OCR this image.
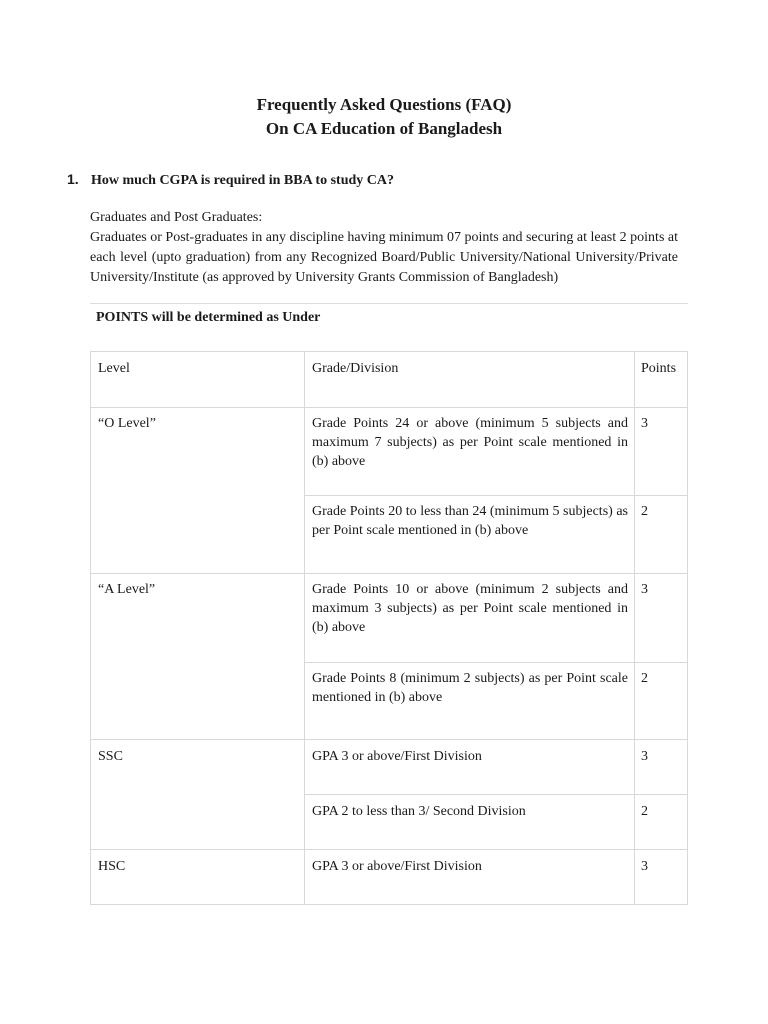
Frequently Asked Questions (FAQ)
On CA Education of Bangladesh
1. How much CGPA is required in BBA to study CA?
Graduates and Post Graduates:
Graduates or Post-graduates in any discipline having minimum 07 points and securing at least 2 points at each level (upto graduation) from any Recognized Board/Public University/National University/Private University/Institute (as approved by University Grants Commission of Bangladesh)
POINTS will be determined as Under
Level	Grade/Division	Points
“O Level”
“A Level”
SSC
HSC
Grade Points 24 or above (minimum 5 subjects and maximum 7 subjects) as per Point scale mentioned in (b) above
Grade Points 20 to less than 24 (minimum 5 subjects) as per Point scale mentioned in (b) above
Grade Points 10 or above (minimum 2 subjects and maximum 3 subjects) as per Point scale mentioned in (b) above
Grade Points 8 (minimum 2 subjects) as per Point scale mentioned in (b) above
GPA 3 or above/First Division
GPA 2 to less than 3/ Second Division
GPA 3 or above/First Division
3
2
3
2
3
2
3
